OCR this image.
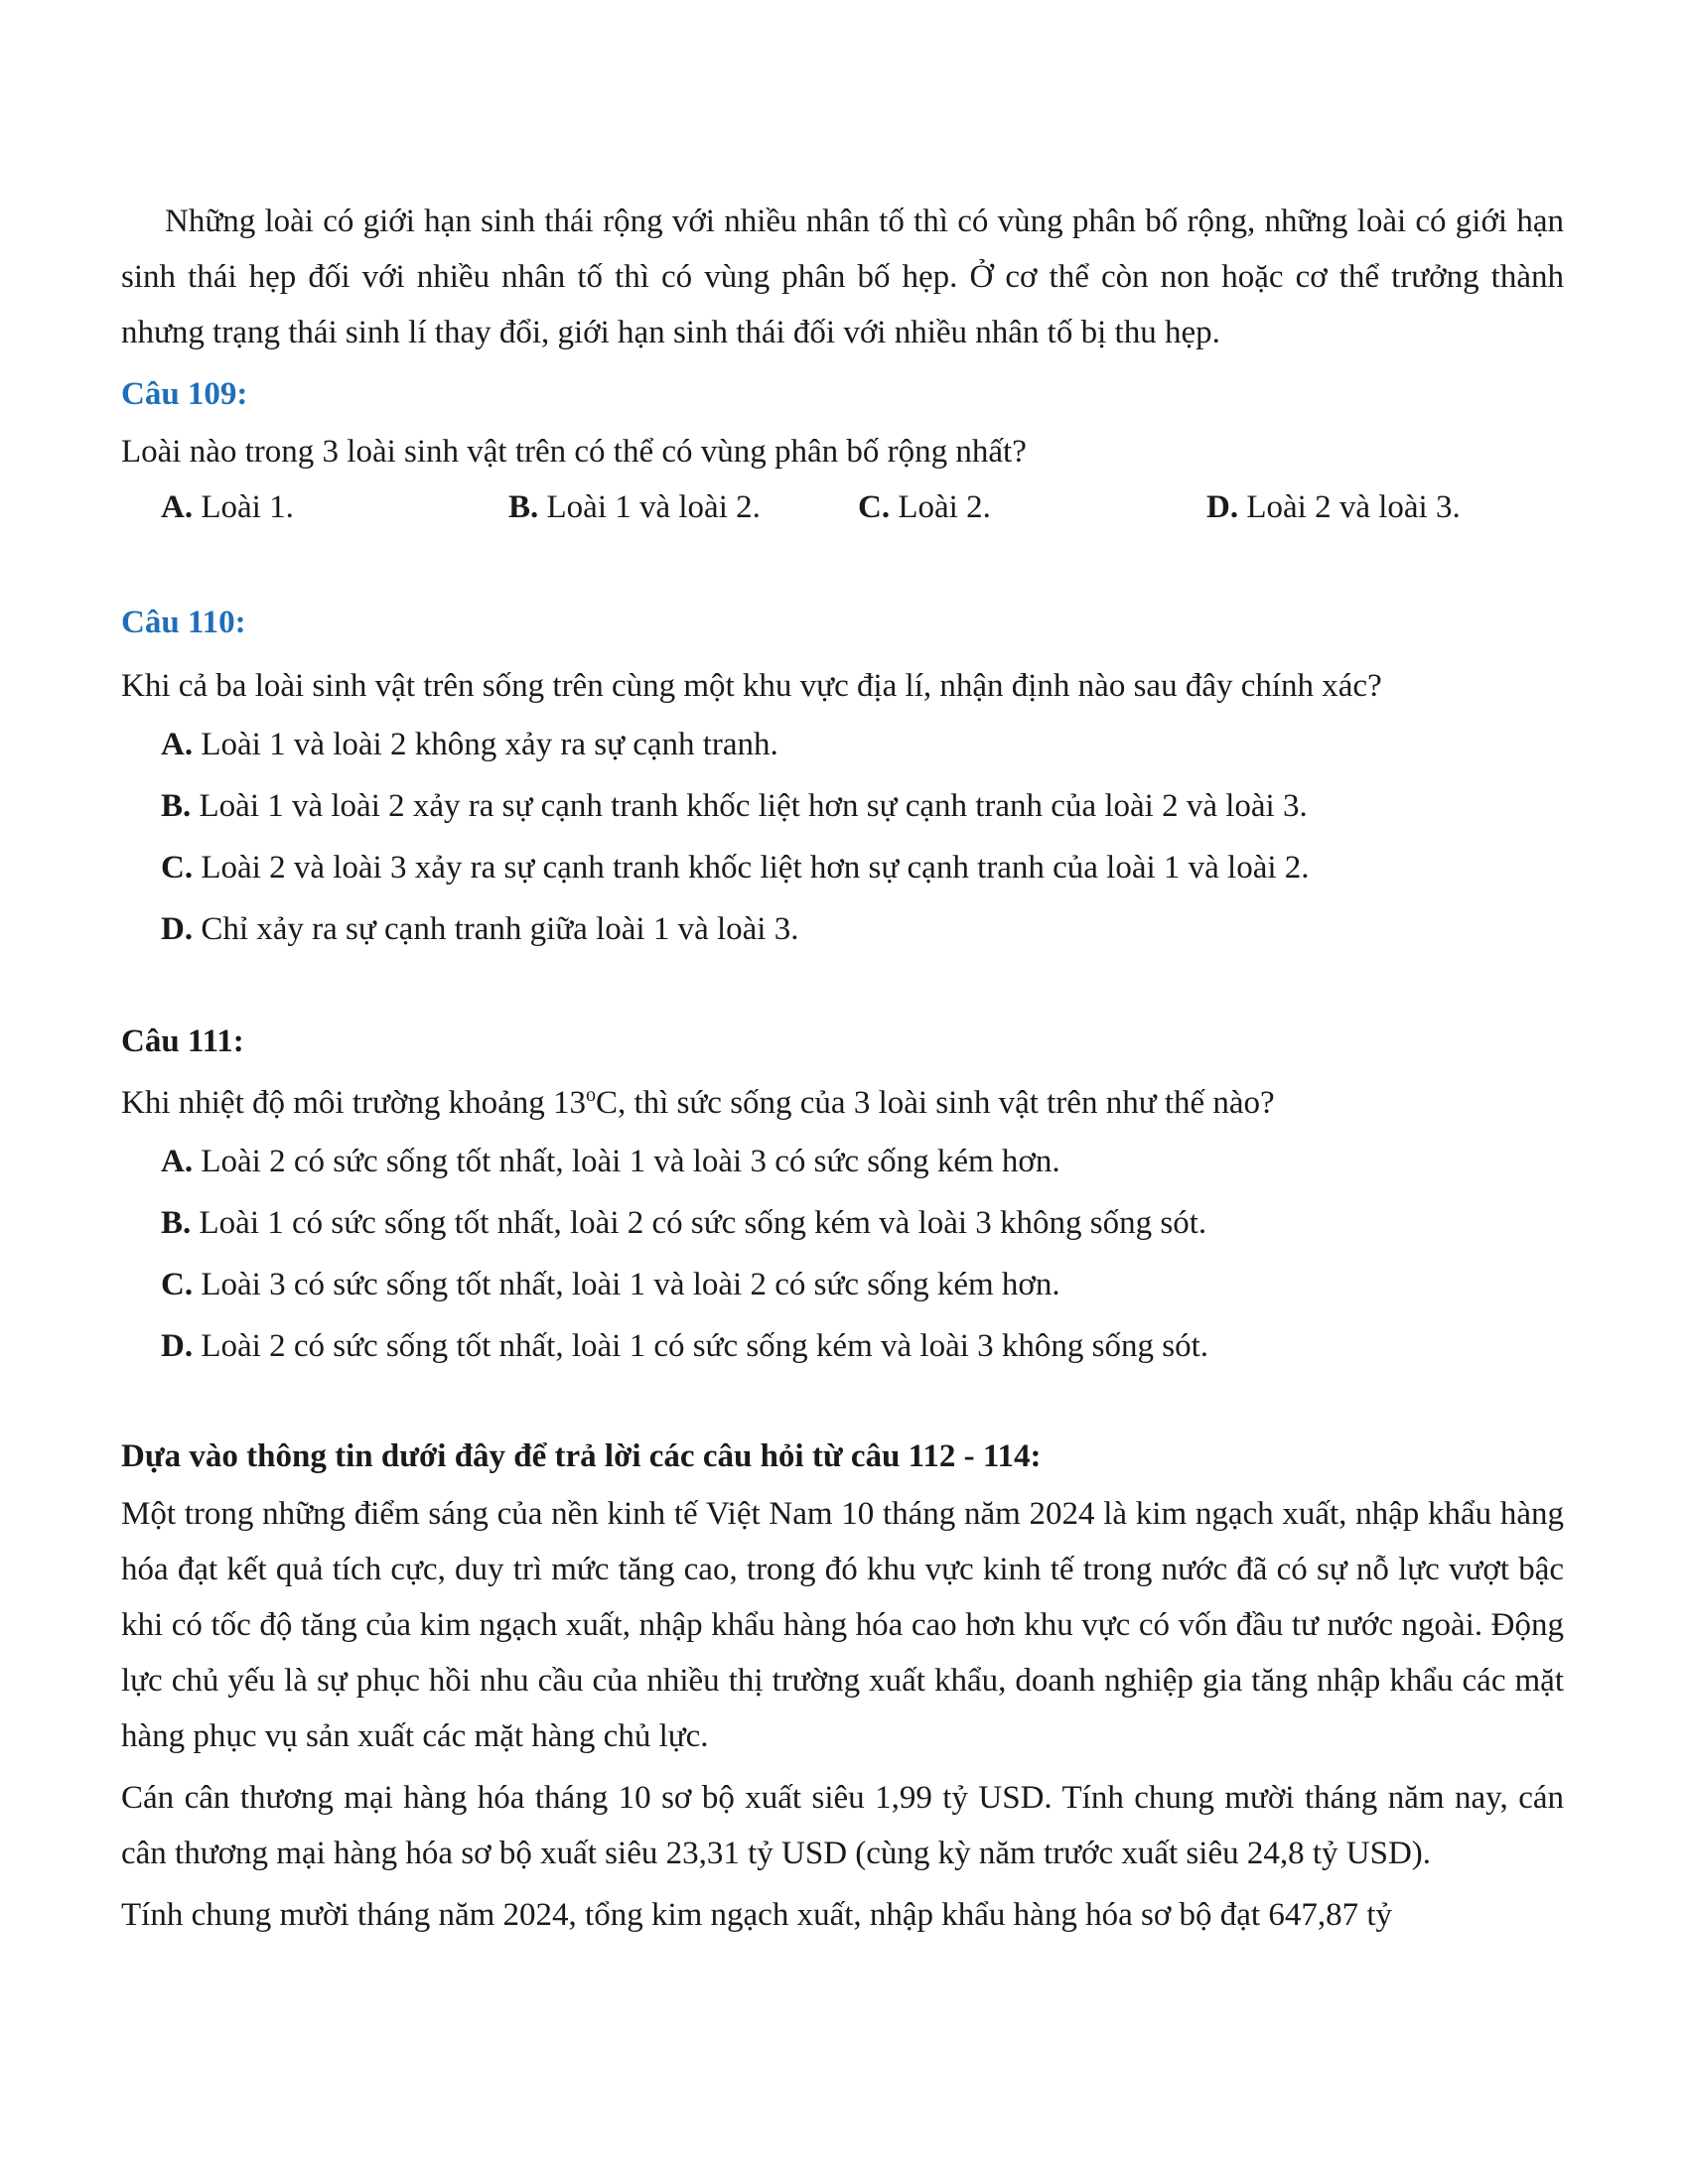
Những loài có giới hạn sinh thái rộng với nhiều nhân tố thì có vùng phân bố rộng, những loài có giới hạn sinh thái hẹp đối với nhiều nhân tố thì có vùng phân bố hẹp. Ở cơ thể còn non hoặc cơ thể trưởng thành nhưng trạng thái sinh lí thay đổi, giới hạn sinh thái đối với nhiều nhân tố bị thu hẹp.

Câu 109:

Loài nào trong 3 loài sinh vật trên có thể có vùng phân bố rộng nhất?

A. Loài 1.	B. Loài 1 và loài 2.	C. Loài 2.	D. Loài 2 và loài 3.

Câu 110:

Khi cả ba loài sinh vật trên sống trên cùng một khu vực địa lí, nhận định nào sau đây chính xác?

A. Loài 1 và loài 2 không xảy ra sự cạnh tranh.

B. Loài 1 và loài 2 xảy ra sự cạnh tranh khốc liệt hơn sự cạnh tranh của loài 2 và loài 3.

C. Loài 2 và loài 3 xảy ra sự cạnh tranh khốc liệt hơn sự cạnh tranh của loài 1 và loài 2.

D. Chỉ xảy ra sự cạnh tranh giữa loài 1 và loài 3.

Câu 111:

Khi nhiệt độ môi trường khoảng 13$^o$C, thì sức sống của 3 loài sinh vật trên như thế nào?

A. Loài 2 có sức sống tốt nhất, loài 1 và loài 3 có sức sống kém hơn.

B. Loài 1 có sức sống tốt nhất, loài 2 có sức sống kém và loài 3 không sống sót.

C. Loài 3 có sức sống tốt nhất, loài 1 và loài 2 có sức sống kém hơn.

D. Loài 2 có sức sống tốt nhất, loài 1 có sức sống kém và loài 3 không sống sót.

Dựa vào thông tin dưới đây để trả lời các câu hỏi từ câu 112 - 114:

Một trong những điểm sáng của nền kinh tế Việt Nam 10 tháng năm 2024 là kim ngạch xuất, nhập khẩu hàng hóa đạt kết quả tích cực, duy trì mức tăng cao, trong đó khu vực kinh tế trong nước đã có sự nỗ lực vượt bậc khi có tốc độ tăng của kim ngạch xuất, nhập khẩu hàng hóa cao hơn khu vực có vốn đầu tư nước ngoài. Động lực chủ yếu là sự phục hồi nhu cầu của nhiều thị trường xuất khẩu, doanh nghiệp gia tăng nhập khẩu các mặt hàng phục vụ sản xuất các mặt hàng chủ lực.

Cán cân thương mại hàng hóa tháng 10 sơ bộ xuất siêu 1,99 tỷ USD. Tính chung mười tháng năm nay, cán cân thương mại hàng hóa sơ bộ xuất siêu 23,31 tỷ USD (cùng kỳ năm trước xuất siêu 24,8 tỷ USD).

Tính chung mười tháng năm 2024, tổng kim ngạch xuất, nhập khẩu hàng hóa sơ bộ đạt 647,87 tỷ
